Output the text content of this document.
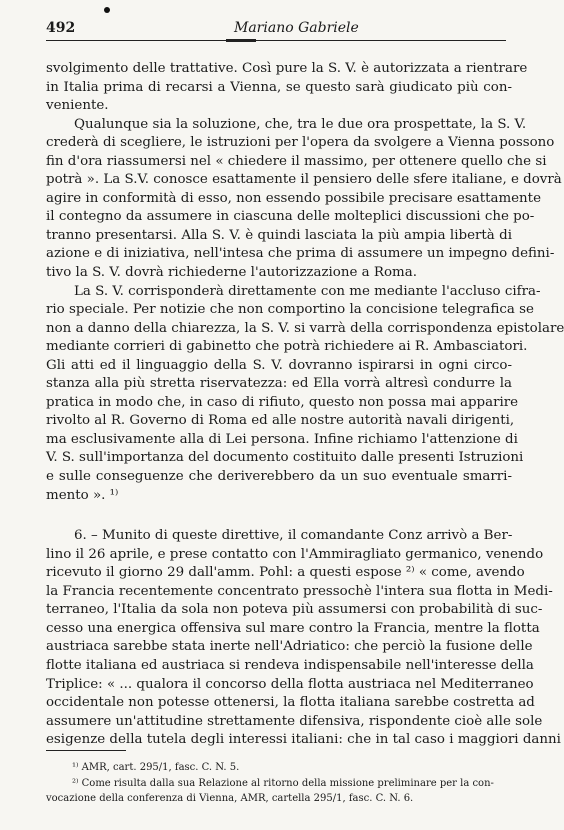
492	Mariano Gabriele
svolgimento delle trattative. Così pure la S. V. è autorizzata a rientrare
in Italia prima di recarsi a Vienna, se questo sarà giudicato più con-
veniente.
Qualunque sia la soluzione, che, tra le due ora prospettate, la S. V.
crederà di scegliere, le istruzioni per l'opera da svolgere a Vienna possono
fin d'ora riassumersi nel « chiedere il massimo, per ottenere quello che si
potrà ». La S.V. conosce esattamente il pensiero delle sfere italiane, e dovrà
agire in conformità di esso, non essendo possibile precisare esattamente
il contegno da assumere in ciascuna delle molteplici discussioni che po-
tranno presentarsi. Alla S. V. è quindi lasciata la più ampia libertà di
azione e di iniziativa, nell'intesa che prima di assumere un impegno defini-
tivo la S. V. dovrà richiederne l'autorizzazione a Roma.
La S. V. corrisponderà direttamente con me mediante l'accluso cifra-
rio speciale. Per notizie che non comportino la concisione telegrafica se
non a danno della chiarezza, la S. V. si varrà della corrispondenza epistolare
mediante corrieri di gabinetto che potrà richiedere ai R. Ambasciatori.
Gli atti ed il linguaggio della S. V. dovranno ispirarsi in ogni circo-
stanza alla più stretta riservatezza: ed Ella vorrà altresì condurre la
pratica in modo che, in caso di rifiuto, questo non possa mai apparire
rivolto al R. Governo di Roma ed alle nostre autorità navali dirigenti,
ma esclusivamente alla di Lei persona. Infine richiamo l'attenzione di
V. S. sull'importanza del documento costituito dalle presenti Istruzioni
e sulle conseguenze che deriverebbero da un suo eventuale smarri-
mento ». ¹⁾
6. – Munito di queste direttive, il comandante Conz arrivò a Ber-
lino il 26 aprile, e prese contatto con l'Ammiragliato germanico, venendo
ricevuto il giorno 29 dall'amm. Pohl: a questi espose ²⁾ « come, avendo
la Francia recentemente concentrato pressochè l'intera sua flotta in Medi-
terraneo, l'Italia da sola non poteva più assumersi con probabilità di suc-
cesso una energica offensiva sul mare contro la Francia, mentre la flotta
austriaca sarebbe stata inerte nell'Adriatico: che perciò la fusione delle
flotte italiana ed austriaca si rendeva indispensabile nell'interesse della
Triplice: « ... qualora il concorso della flotta austriaca nel Mediterraneo
occidentale non potesse ottenersi, la flotta italiana sarebbe costretta ad
assumere un'attitudine strettamente difensiva, rispondente cioè alle sole
esigenze della tutela degli interessi italiani: che in tal caso i maggiori danni
¹⁾ AMR, cart. 295/1, fasc. C. N. 5.
²⁾ Come risulta dalla sua Relazione al ritorno della missione preliminare per la con-
vocazione della conferenza di Vienna, AMR, cartella 295/1, fasc. C. N. 6.
